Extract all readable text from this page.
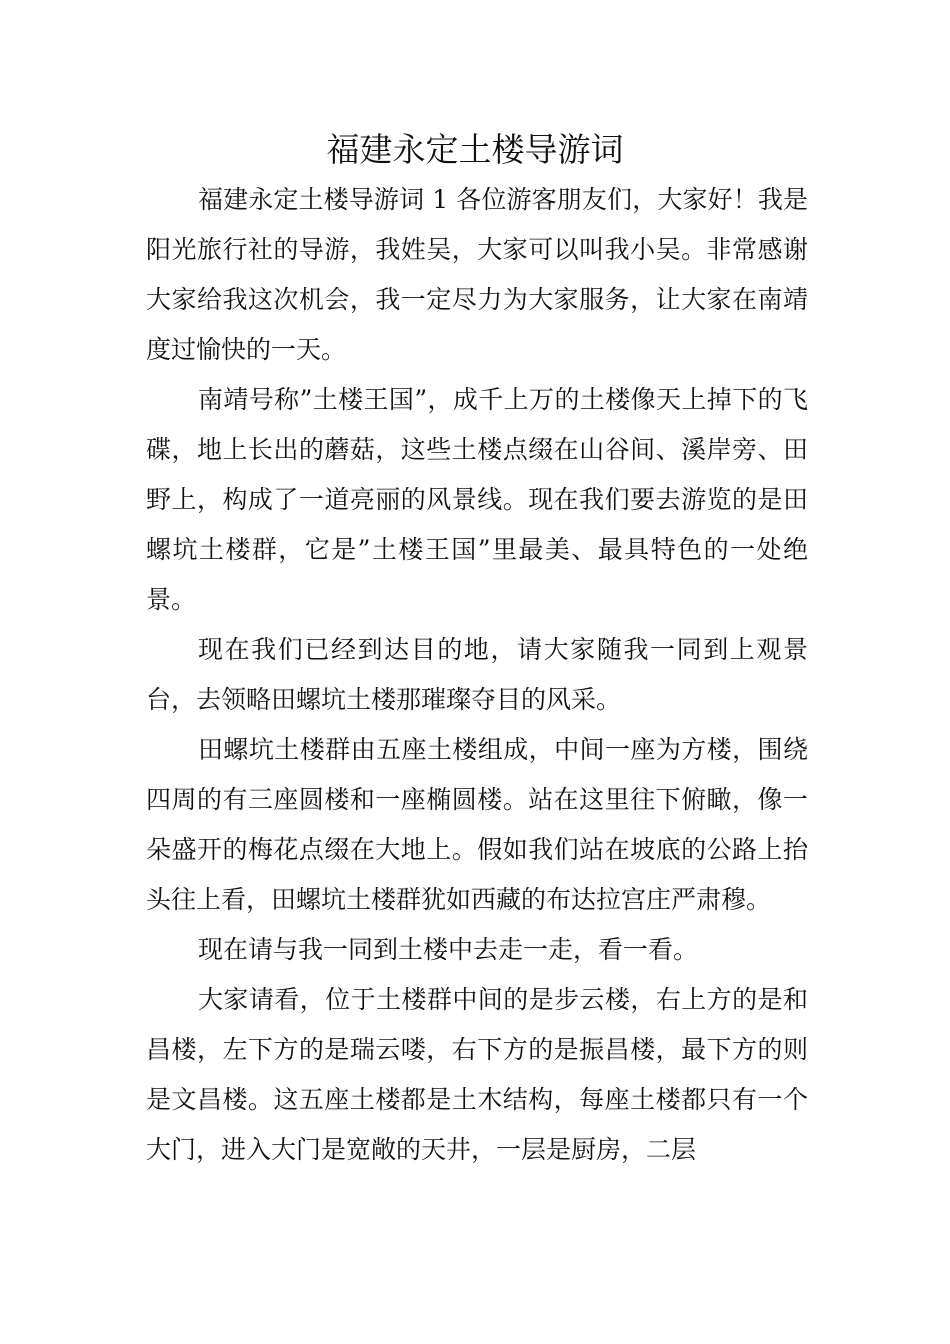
福建永定土楼导游词

福建永定土楼导游词 1 各位游客朋友们，大家好！我是阳光旅行社的导游，我姓吴，大家可以叫我小吴。非常感谢大家给我这次机会，我一定尽力为大家服务，让大家在南靖度过愉快的一天。

南靖号称”土楼王国”，成千上万的土楼像天上掉下的飞碟，地上长出的蘑菇，这些土楼点缀在山谷间、溪岸旁、田野上，构成了一道亮丽的风景线。现在我们要去游览的是田螺坑土楼群，它是”土楼王国”里最美、最具特色的一处绝景。

现在我们已经到达目的地，请大家随我一同到上观景台，去领略田螺坑土楼那璀璨夺目的风采。

田螺坑土楼群由五座土楼组成，中间一座为方楼，围绕四周的有三座圆楼和一座椭圆楼。站在这里往下俯瞰，像一朵盛开的梅花点缀在大地上。假如我们站在坡底的公路上抬头往上看，田螺坑土楼群犹如西藏的布达拉宫庄严肃穆。

现在请与我一同到土楼中去走一走，看一看。

大家请看，位于土楼群中间的是步云楼，右上方的是和昌楼，左下方的是瑞云喽，右下方的是振昌楼，最下方的则是文昌楼。这五座土楼都是土木结构，每座土楼都只有一个大门，进入大门是宽敞的天井，一层是厨房，二层
